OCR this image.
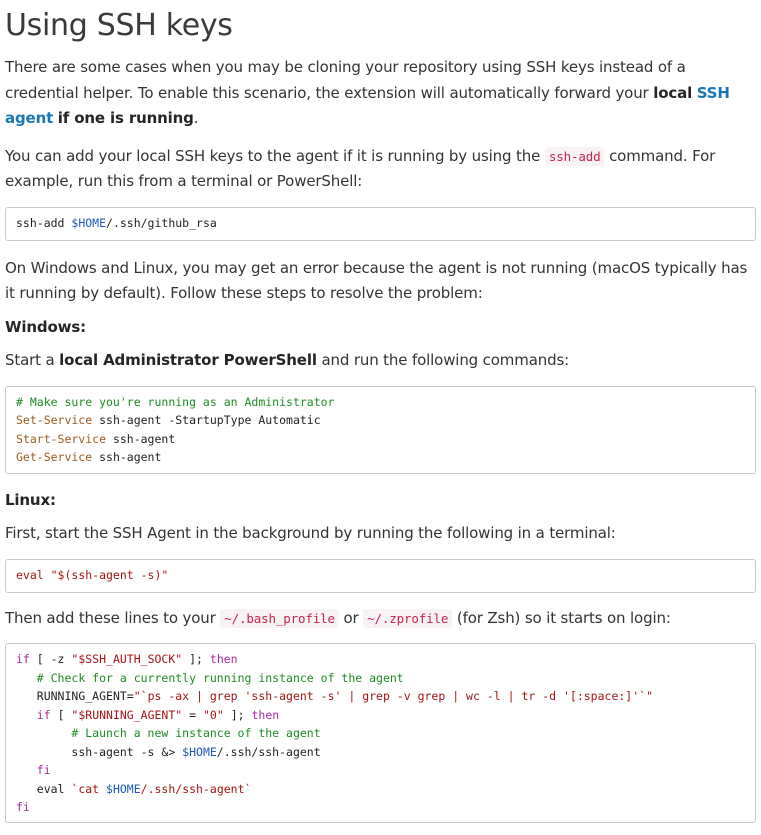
Using SSH keys

There are some cases when you may be cloning your repository using SSH keys instead of a credential helper. To enable this scenario, the extension will automatically forward your local SSH agent if one is running.

You can add your local SSH keys to the agent if it is running by using the ssh-add command. For example, run this from a terminal or PowerShell:

ssh-add $HOME/.ssh/github_rsa

On Windows and Linux, you may get an error because the agent is not running (macOS typically has it running by default). Follow these steps to resolve the problem:

Windows:

Start a local Administrator PowerShell and run the following commands:

# Make sure you're running as an Administrator
Set-Service ssh-agent -StartupType Automatic
Start-Service ssh-agent
Get-Service ssh-agent

Linux:

First, start the SSH Agent in the background by running the following in a terminal:

eval "$(ssh-agent -s)"

Then add these lines to your ~/.bash_profile or ~/.zprofile (for Zsh) so it starts on login:

if [ -z "$SSH_AUTH_SOCK" ]; then
# Check for a currently running instance of the agent
RUNNING_AGENT="`ps -ax | grep 'ssh-agent -s' | grep -v grep | wc -l | tr -d '[:space:]'`"
if [ "$RUNNING_AGENT" = "0" ]; then
# Launch a new instance of the agent
ssh-agent -s &> $HOME/.ssh/ssh-agent
fi
eval `cat $HOME/.ssh/ssh-agent`
fi
